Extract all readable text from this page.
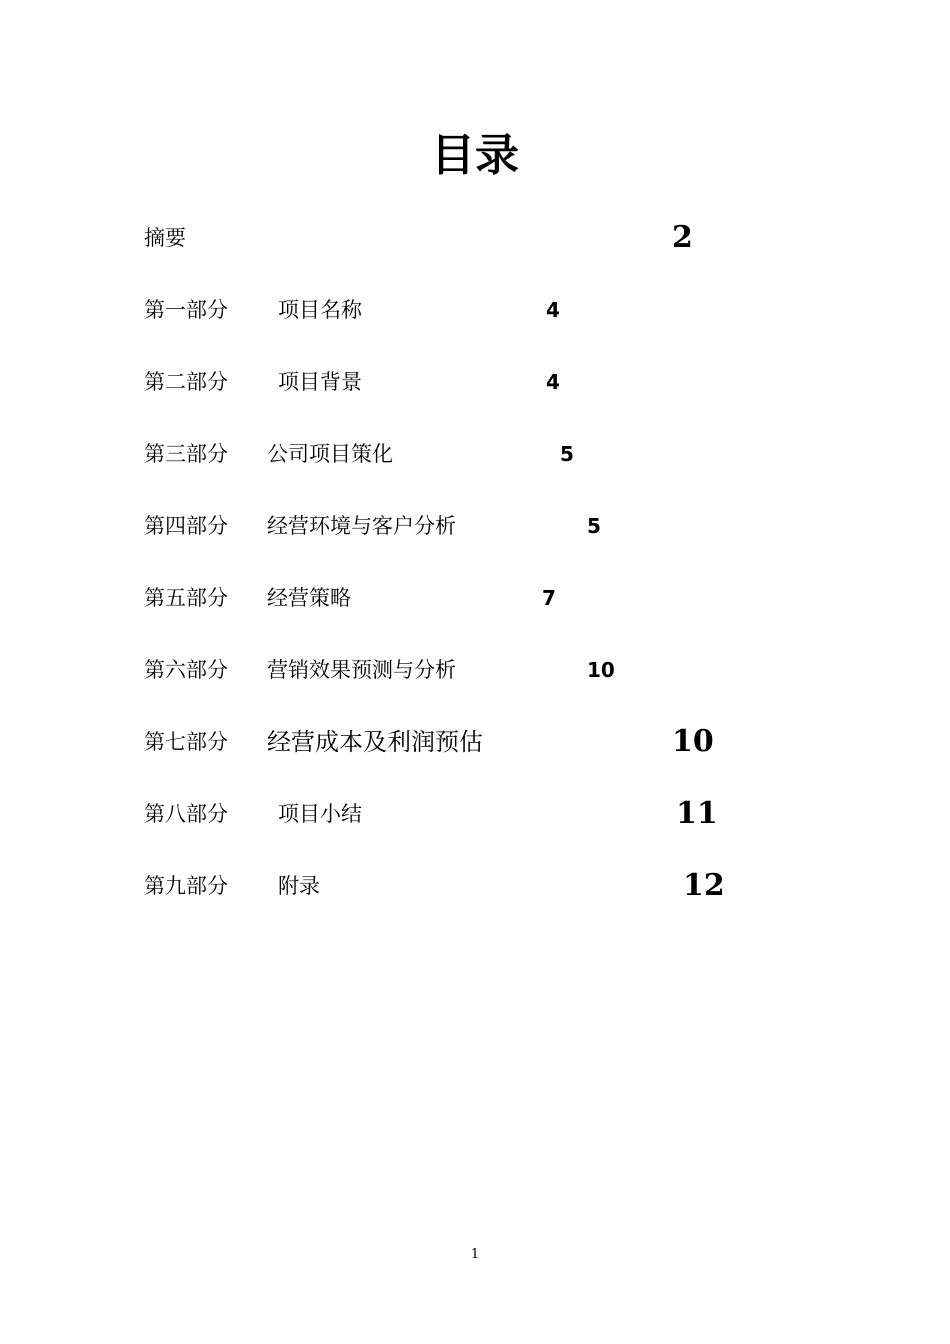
目录
摘要	2
第一部分 项目名称	4
第二部分 项目背景	4
第三部分 公司项目策化	5
第四部分 经营环境与客户分析	5
第五部分 经营策略	7
第六部分 营销效果预测与分析	10
第七部分 经营成本及利润预估	10
第八部分 项目小结	11
第九部分 附录	12
1
